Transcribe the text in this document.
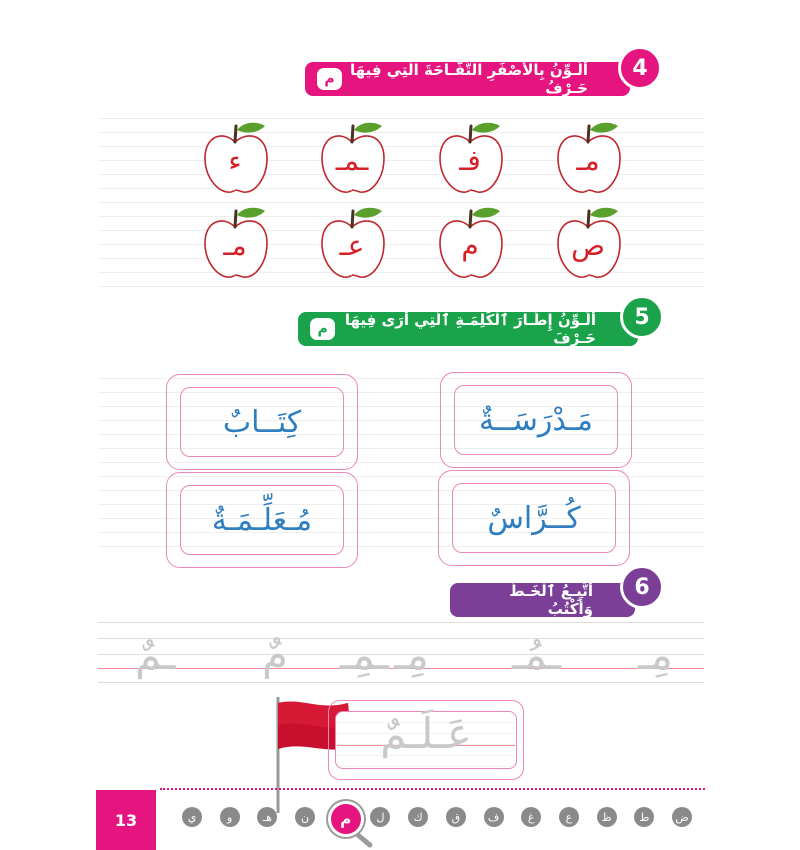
أُلَـوِّنُ بِالأَصْفَرِ التُّفَّـاحَةَ الَّتِي فِيهَا حَـرْفُ
م	4
مـ
فـ
ـمـ
ء
ص
م
عـ
مـ
أُلَـوِّنُ إِطَـارَ ٱلْكَلِمَـةِ ٱلَّتِي أَرَى فِيهَا حَـرْفَ
م	5
مَـدْرَسَــةٌ
كِتَــابٌ
كُــرَّاسٌ
مُـعَلِّـمَـةٌ
أَتَّبِـعُ ٱلْخَـطَّ وَأَكْتُبُ
6
مِـ
ـمُـ
مِـ
ـمِـ
مٌ
ـمٌ
عَـلَـمٌ
13	ض
ط
ظ
ع
غ
ف
ق
ك
ل
م
ن
هـ
و
ي
